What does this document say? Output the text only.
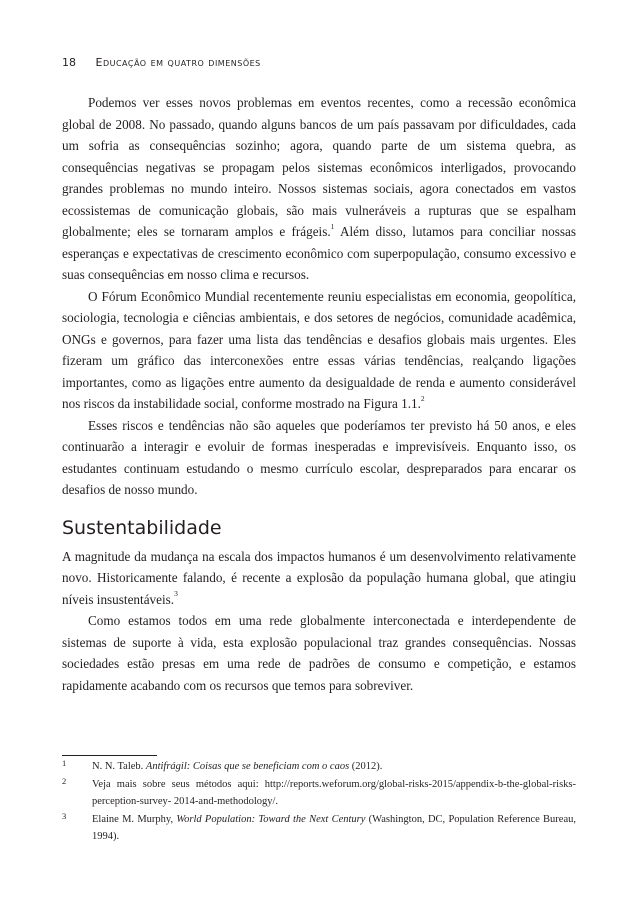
18 Educação em quatro dimensões

Podemos ver esses novos problemas em eventos recentes, como a recessão econômica global de 2008. No passado, quando alguns bancos de um país passavam por dificuldades, cada um sofria as consequências sozinho; agora, quando parte de um sistema quebra, as consequências negativas se propagam pelos sistemas econômicos interligados, provocando grandes problemas no mundo inteiro. Nossos sistemas sociais, agora conectados em vastos ecossistemas de comunicação globais, são mais vulneráveis a rupturas que se espalham globalmente; eles se tornaram amplos e frágeis.$^1$ Além disso, lutamos para conciliar nossas esperanças e expectativas de crescimento econômico com superpopulação, consumo excessivo e suas consequências em nosso clima e recursos.

O Fórum Econômico Mundial recentemente reuniu especialistas em economia, geopolítica, sociologia, tecnologia e ciências ambientais, e dos setores de negócios, comunidade acadêmica, ONGs e governos, para fazer uma lista das tendências e desafios globais mais urgentes. Eles fizeram um gráfico das interconexões entre essas várias tendências, realçando ligações importantes, como as ligações entre aumento da desigualdade de renda e aumento considerável nos riscos da instabilidade social, conforme mostrado na Figura 1.1.$^2$

Esses riscos e tendências não são aqueles que poderíamos ter previsto há 50 anos, e eles continuarão a interagir e evoluir de formas inesperadas e imprevisíveis. Enquanto isso, os estudantes continuam estudando o mesmo currículo escolar, despreparados para encarar os desafios de nosso mundo.

Sustentabilidade

A magnitude da mudança na escala dos impactos humanos é um desenvolvimento relativamente novo. Historicamente falando, é recente a explosão da população humana global, que atingiu níveis insustentáveis.$^3$

Como estamos todos em uma rede globalmente interconectada e interdependente de sistemas de suporte à vida, esta explosão populacional traz grandes consequências. Nossas sociedades estão presas em uma rede de padrões de consumo e competição, e estamos rapidamente acabando com os recursos que temos para sobreviver.

1 N. N. Taleb. Antifrágil: Coisas que se beneficiam com o caos (2012).
2 Veja mais sobre seus métodos aqui: http://reports.weforum.org/global-risks-2015/appendix-b-the-global-risks-perception-survey- 2014-and-methodology/.
3 Elaine M. Murphy, World Population: Toward the Next Century (Washington, DC, Population Reference Bureau, 1994).
